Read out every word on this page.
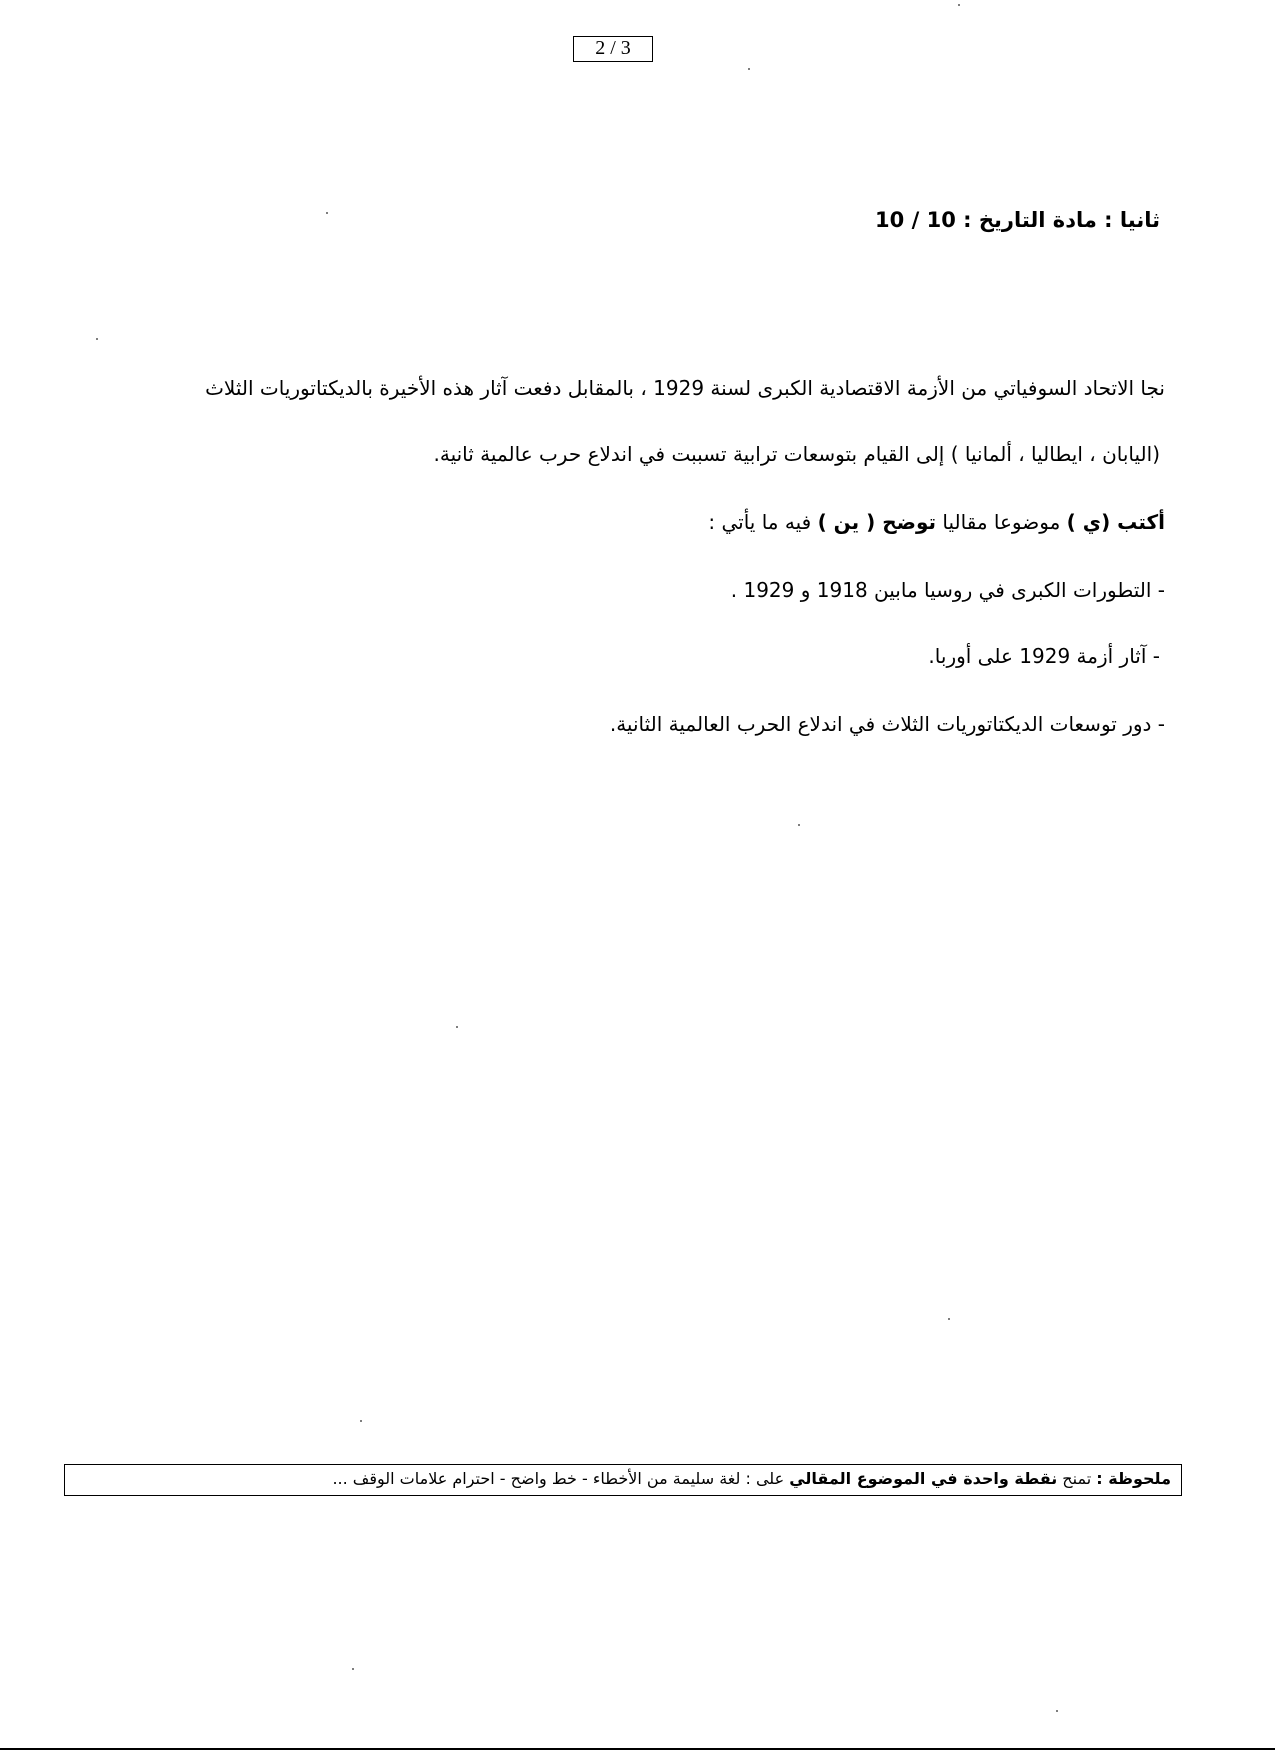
2 / 3
ثانيا : مادة التاريخ : 10 / 10
نجا الاتحاد السوفياتي من الأزمة الاقتصادية الكبرى لسنة 1929 ، بالمقابل دفعت آثار هذه الأخيرة بالديكتاتوريات الثلاث
(اليابان ، ايطاليا ، ألمانيا ) إلى القيام بتوسعات ترابية تسببت في اندلاع حرب عالمية ثانية.
أكتب (ي ) موضوعا مقاليا توضح ( ين ) فيه ما يأتي :
- التطورات الكبرى في روسيا مابين 1918 و 1929 .
- آثار أزمة 1929 على أوربا.
- دور توسعات الديكتاتوريات الثلاث في اندلاع الحرب العالمية الثانية.
ملحوظة : تمنح نقطة واحدة في الموضوع المقالي على : لغة سليمة من الأخطاء - خط واضح - احترام علامات الوقف ...
